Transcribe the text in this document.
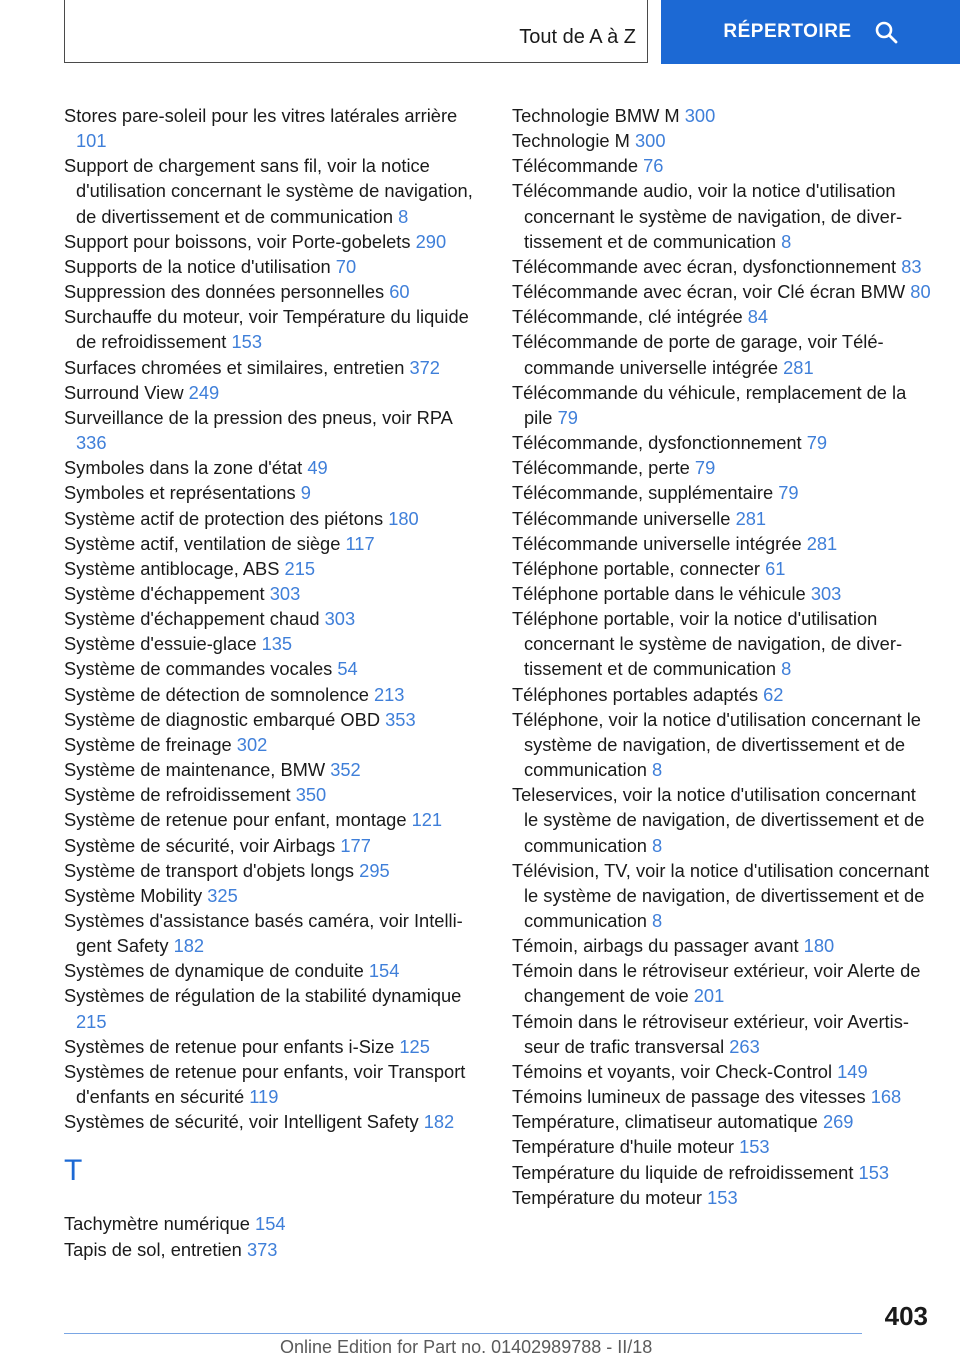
Tout de A à Z	RÉPERTOIRE
Stores pare-soleil pour les vitres latérales arrière 101
Support de chargement sans fil, voir la notice d'utilisation concernant le système de navigation, de divertissement et de communication 8
Support pour boissons, voir Porte-gobelets 290
Supports de la notice d'utilisation 70
Suppression des données personnelles 60
Surchauffe du moteur, voir Température du liquide de refroidissement 153
Surfaces chromées et similaires, entretien 372
Surround View 249
Surveillance de la pression des pneus, voir RPA 336
Symboles dans la zone d'état 49
Symboles et représentations 9
Système actif de protection des piétons 180
Système actif, ventilation de siège 117
Système antiblocage, ABS 215
Système d'échappement 303
Système d'échappement chaud 303
Système d'essuie-glace 135
Système de commandes vocales 54
Système de détection de somnolence 213
Système de diagnostic embarqué OBD 353
Système de freinage 302
Système de maintenance, BMW 352
Système de refroidissement 350
Système de retenue pour enfant, montage 121
Système de sécurité, voir Airbags 177
Système de transport d'objets longs 295
Système Mobility 325
Systèmes d'assistance basés caméra, voir Intelligent Safety 182
Systèmes de dynamique de conduite 154
Systèmes de régulation de la stabilité dynamique 215
Systèmes de retenue pour enfants i-Size 125
Systèmes de retenue pour enfants, voir Transport d'enfants en sécurité 119
Systèmes de sécurité, voir Intelligent Safety 182
T
Tachymètre numérique 154
Tapis de sol, entretien 373
Technologie BMW M 300
Technologie M 300
Télécommande 76
Télécommande audio, voir la notice d'utilisation concernant le système de navigation, de divertissement et de communication 8
Télécommande avec écran, dysfonctionnement 83
Télécommande avec écran, voir Clé écran BMW 80
Télécommande, clé intégrée 84
Télécommande de porte de garage, voir Télécommande universelle intégrée 281
Télécommande du véhicule, remplacement de la pile 79
Télécommande, dysfonctionnement 79
Télécommande, perte 79
Télécommande, supplémentaire 79
Télécommande universelle 281
Télécommande universelle intégrée 281
Téléphone portable, connecter 61
Téléphone portable dans le véhicule 303
Téléphone portable, voir la notice d'utilisation concernant le système de navigation, de divertissement et de communication 8
Téléphones portables adaptés 62
Téléphone, voir la notice d'utilisation concernant le système de navigation, de divertissement et de communication 8
Teleservices, voir la notice d'utilisation concernant le système de navigation, de divertissement et de communication 8
Télévision, TV, voir la notice d'utilisation concernant le système de navigation, de divertissement et de communication 8
Témoin, airbags du passager avant 180
Témoin dans le rétroviseur extérieur, voir Alerte de changement de voie 201
Témoin dans le rétroviseur extérieur, voir Avertisseur de trafic transversal 263
Témoins et voyants, voir Check-Control 149
Témoins lumineux de passage des vitesses 168
Température, climatiseur automatique 269
Température d'huile moteur 153
Température du liquide de refroidissement 153
Température du moteur 153
403
Online Edition for Part no. 01402989788 - II/18
